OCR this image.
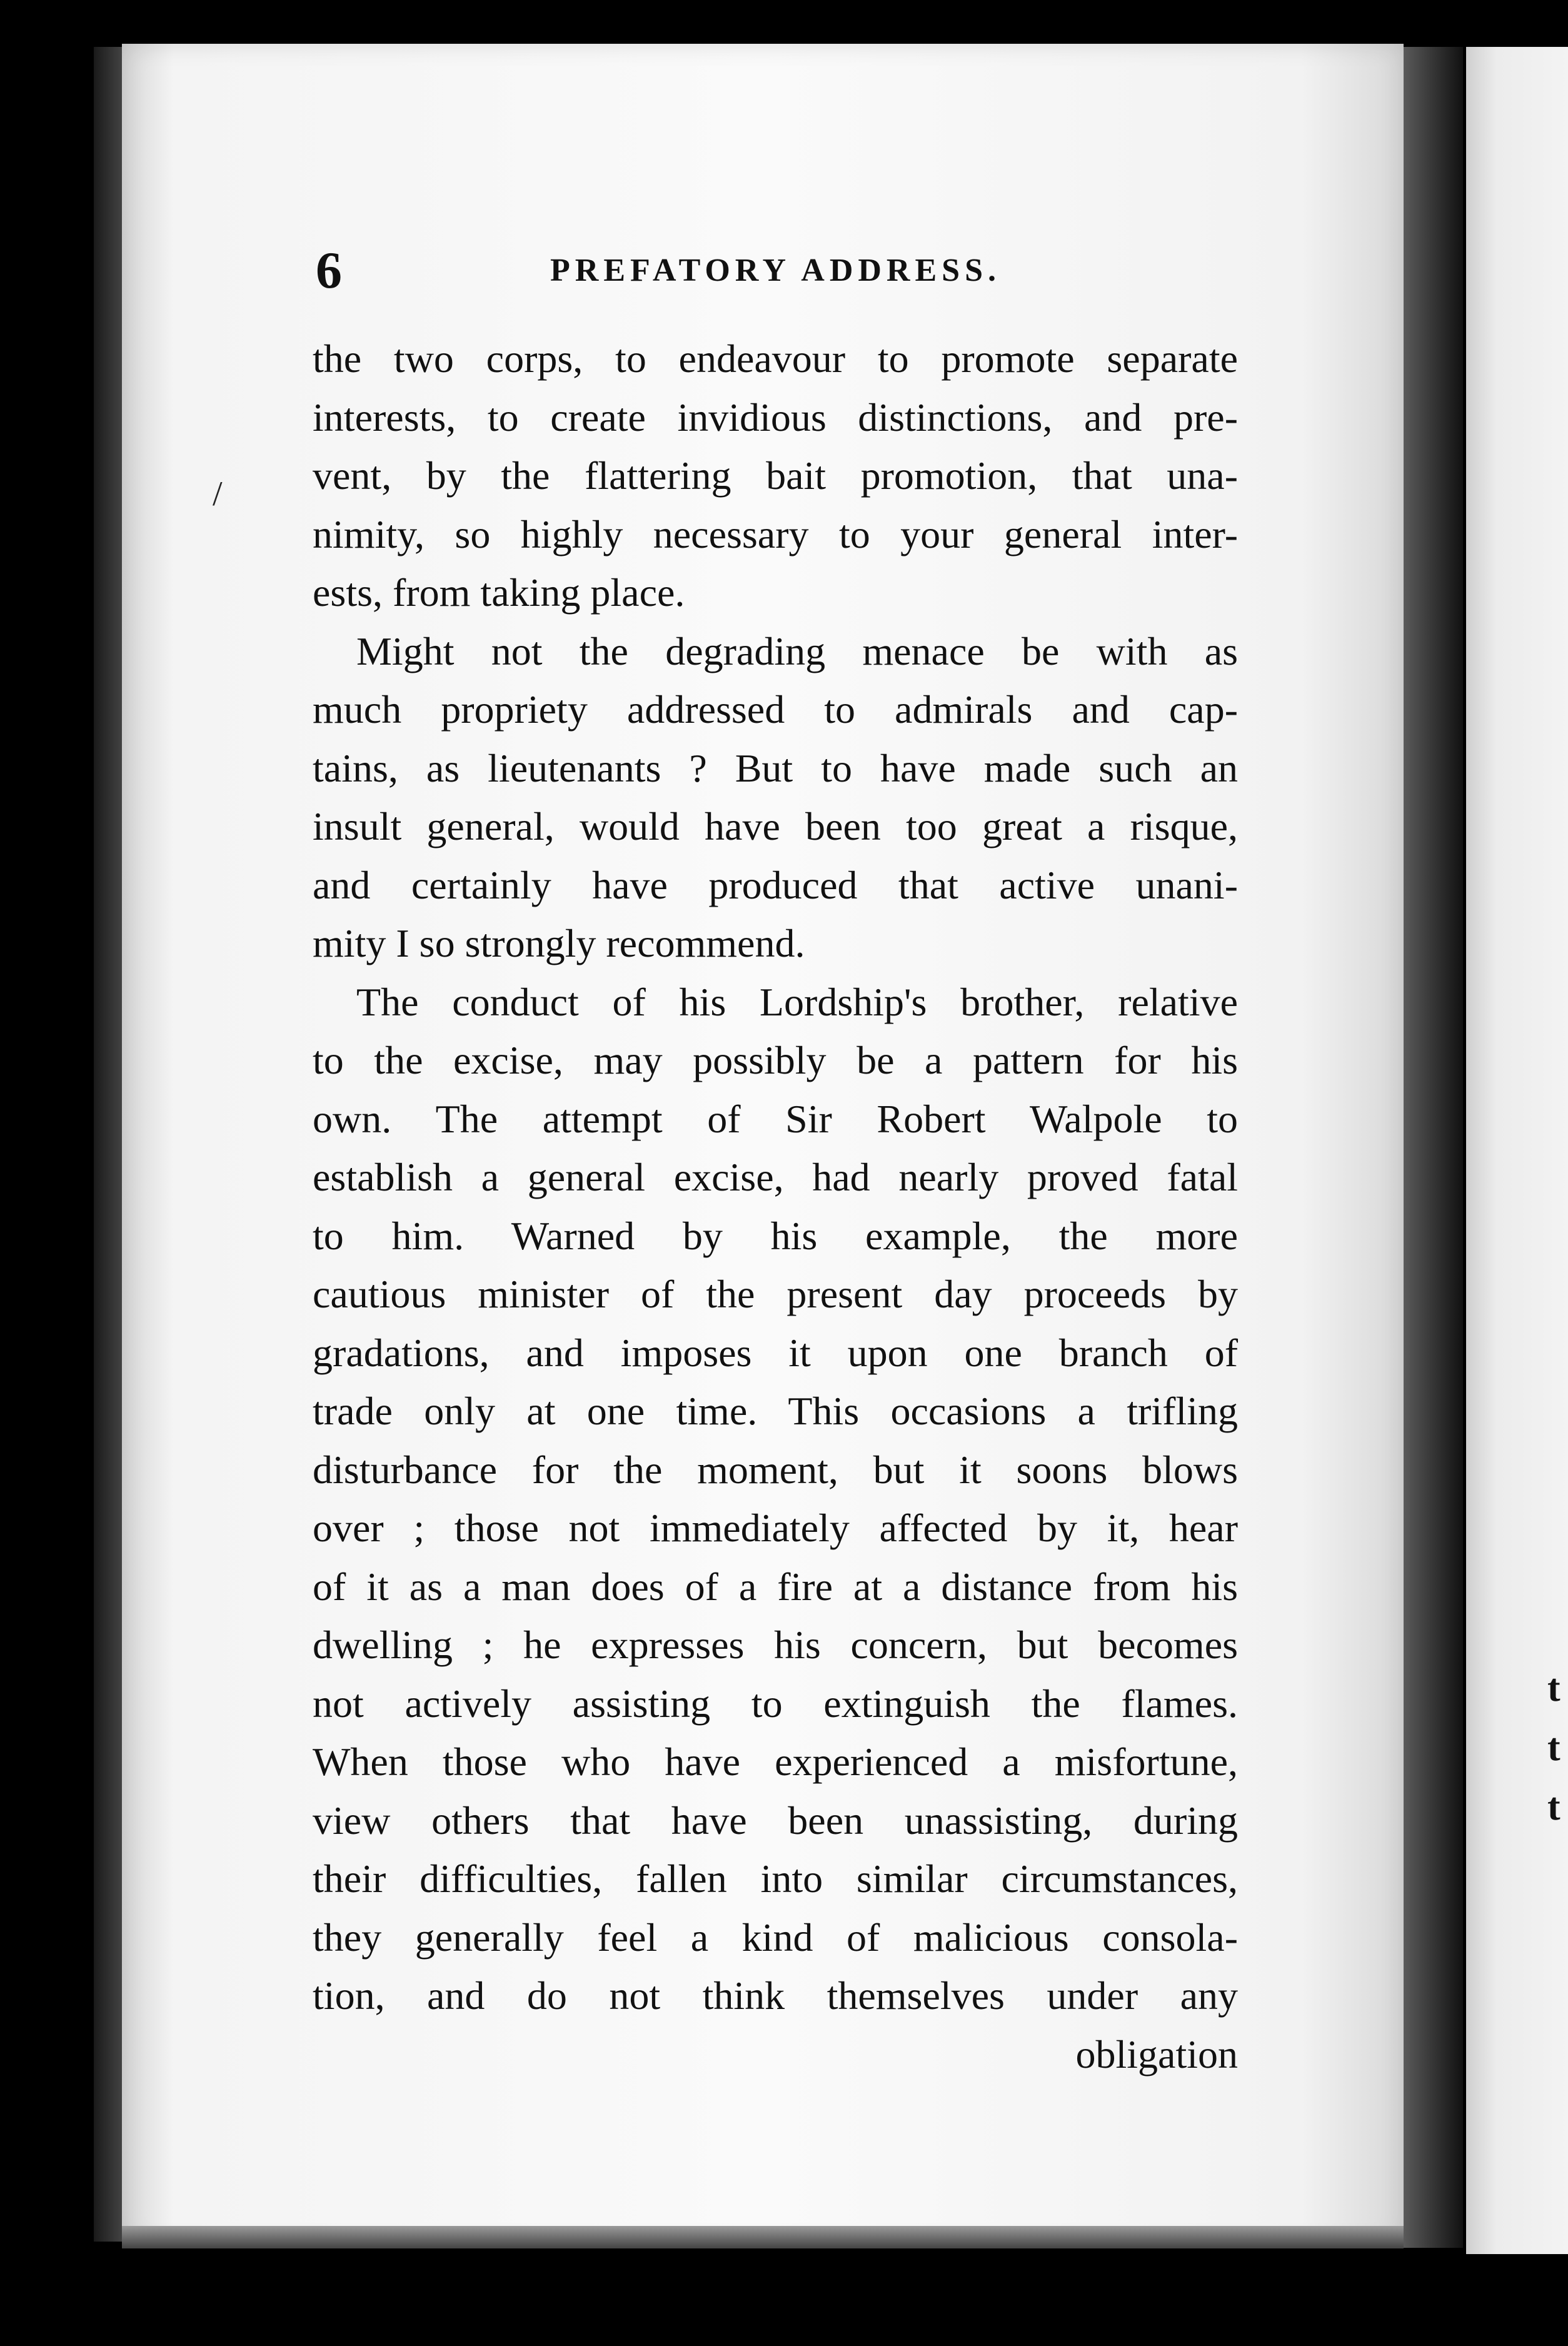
t
t
t
6	PREFATORY ADDRESS.
/
the two corps, to endeavour to promote separate
interests, to create invidious distinctions, and pre-
vent, by the flattering bait promotion, that una-
nimity, so highly necessary to your general inter-
ests, from taking place.
Might not the degrading menace be with as
much propriety addressed to admirals and cap-
tains, as lieutenants ? But to have made such an
insult general, would have been too great a risque,
and certainly have produced that active unani-
mity I so strongly recommend.
The conduct of his Lordship's brother, relative
to the excise, may possibly be a pattern for his
own. The attempt of Sir Robert Walpole to
establish a general excise, had nearly proved fatal
to him. Warned by his example, the more
cautious minister of the present day proceeds by
gradations, and imposes it upon one branch of
trade only at one time. This occasions a trifling
disturbance for the moment, but it soons blows
over ; those not immediately affected by it, hear
of it as a man does of a fire at a distance from his
dwelling ; he expresses his concern, but becomes
not actively assisting to extinguish the flames.
When those who have experienced a misfortune,
view others that have been unassisting, during
their difficulties, fallen into similar circumstances,
they generally feel a kind of malicious consola-
tion, and do not think themselves under any
obligation
